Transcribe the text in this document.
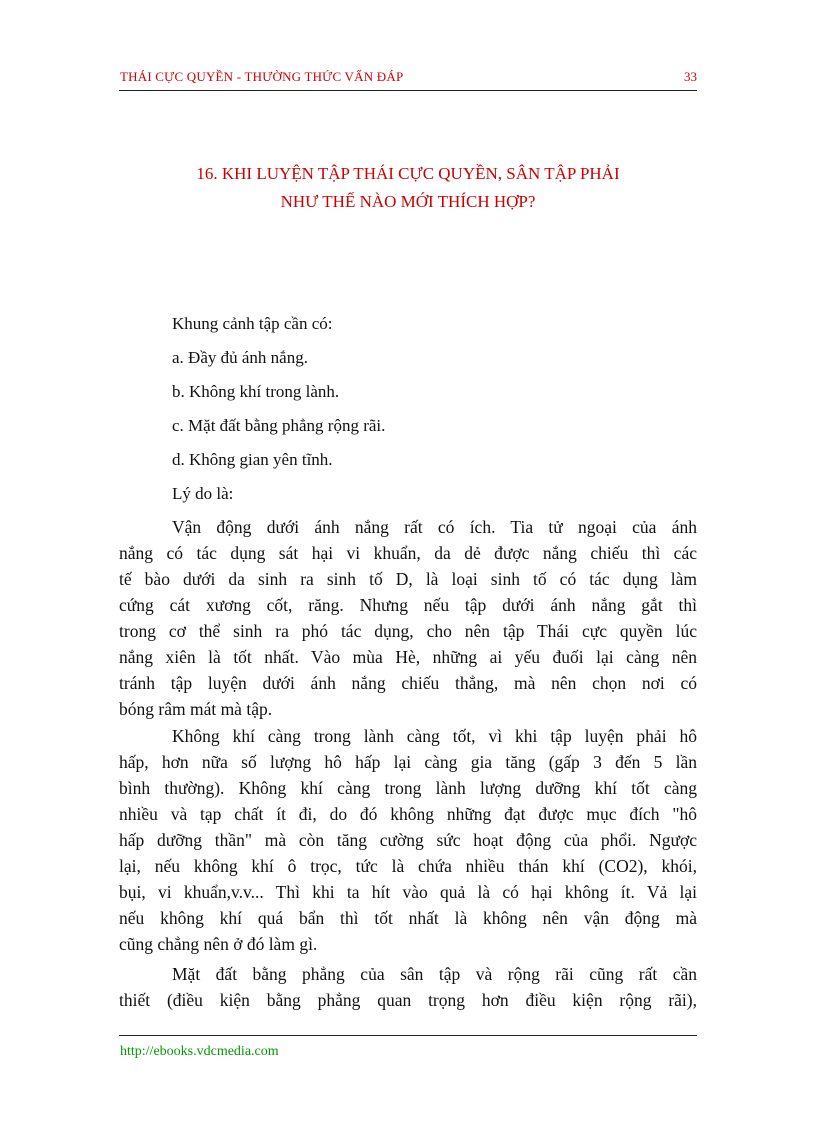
THÁI CỰC QUYỀN - THƯỜNG THỨC VẤN ĐÁP	33
16. KHI LUYỆN TẬP THÁI CỰC QUYỀN, SÂN TẬP PHẢI
NHƯ THẾ NÀO MỚI THÍCH HỢP?
Khung cảnh tập cần có:
a. Đầy đủ ánh nắng.
b. Không khí trong lành.
c. Mặt đất bằng phẳng rộng rãi.
d. Không gian yên tĩnh.
Lý do là:
Vận động dưới ánh nắng rất có ích. Tia tử ngoại của ánh
nắng có tác dụng sát hại vi khuẩn, da dẻ được nắng chiếu thì các
tế bào dưới da sinh ra sinh tố D, là loại sinh tố có tác dụng làm
cứng cát xương cốt, răng. Nhưng nếu tập dưới ánh nắng gắt thì
trong cơ thể sinh ra phó tác dụng, cho nên tập Thái cực quyền lúc
nắng xiên là tốt nhất. Vào mùa Hè, những ai yếu đuối lại càng nên
tránh tập luyện dưới ánh nắng chiếu thẳng, mà nên chọn nơi có
bóng râm mát mà tập.
Không khí càng trong lành càng tốt, vì khi tập luyện phải hô
hấp, hơn nữa số lượng hô hấp lại càng gia tăng (gấp 3 đến 5 lần
bình thường). Không khí càng trong lành lượng dưỡng khí tốt càng
nhiều và tạp chất ít đi, do đó không những đạt được mục đích "hô
hấp dưỡng thần" mà còn tăng cường sức hoạt động của phổi. Ngược
lại, nếu không khí ô trọc, tức là chứa nhiều thán khí (CO2), khói,
bụi, vi khuẩn,v.v... Thì khi ta hít vào quả là có hại không ít. Vả lại
nếu không khí quá bẩn thì tốt nhất là không nên vận động mà
cũng chẳng nên ở đó làm gì.
Mặt đất bằng phẳng của sân tập và rộng rãi cũng rất cần
thiết (điều kiện bằng phẳng quan trọng hơn điều kiện rộng rãi),
http://ebooks.vdcmedia.com
